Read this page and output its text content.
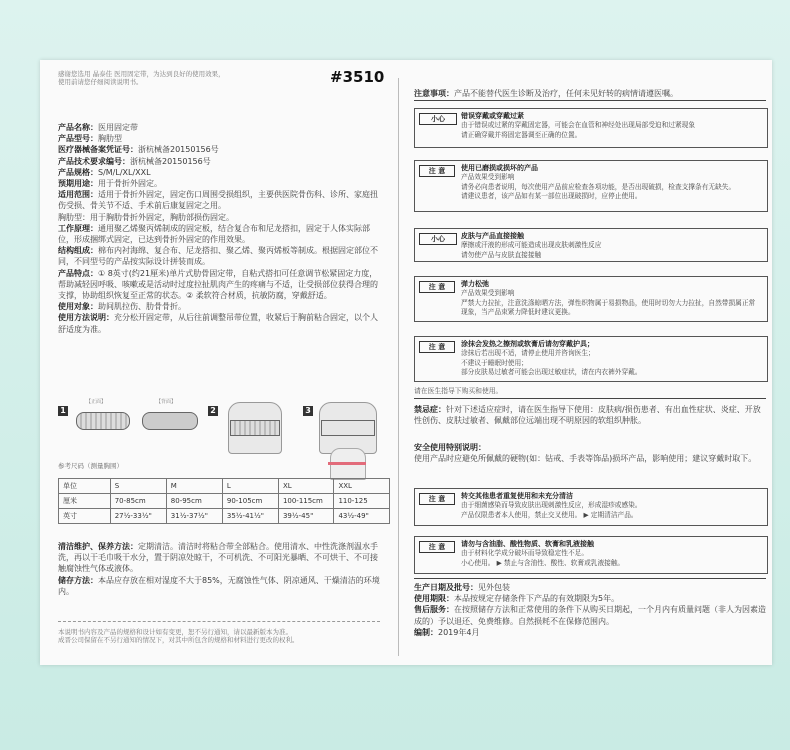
感谢您选用 晶泰佳 医用固定带，为达到良好的使用效果，
使用前请您仔细阅读说明书。	#3510

产品名称：医用固定带

产品型号：胸肋型

医疗器械备案凭证号：浙杭械备20150156号

产品技术要求编号：浙杭械备20150156号

产品规格：S/M/L/XL/XXL

预期用途：用于骨折外固定。

适用范围：适用于骨折外固定，固定伤口周围受损组织，主要供医院骨伤科、诊所、家庭扭伤受损、骨关节不适、手术前后康复固定之用。

胸肋型：用于胸肋骨折外固定，胸肋部损伤固定。

工作原理：通用聚乙烯聚丙烯制成的固定板，结合复合布和尼龙搭扣，固定于人体实际部位，形成捆绑式固定，已达到骨折外固定的作用效果。

结构组成：棉布内衬海绵、复合布、尼龙搭扣、聚乙烯、聚丙烯板等制成。根据固定部位不同，不同型号的产品按实际设计拼装而成。

产品特点：① 8英寸(约21厘米)单片式肋骨固定带，自粘式搭扣可任意调节松紧固定力度，帮助减轻因呼吸、咳嗽或是活动时过度拉扯肌肉产生的疼痛与不适，让受损部位获得合理的支撑，协助组织恢复至正常的状态。② 柔软符合材质，抗敏防腐，穿戴舒适。

使用对象：助间肌拉伤、肋骨骨折。

使用方法说明：充分松开固定带，从后往前调整吊带位置，收紧后于胸前粘合固定，以个人舒适度为准。

1
【正面】	【背面】
2	3
参考尺码（测量胸围）
单位	S	M	L	XL	XXL
厘米	70-85cm	80-95cm	90-105cm	100-115cm	110-125
英寸	27½-33½"	31½-37½"	35½-41½"	39½-45"	43½-49"
清洁维护、保养方法：定期清洁。清洁时将粘合带全部粘合。使用清水、中性洗涤剂温水手洗，再以干毛巾吸干水分，置于阴凉处晾干，不可机洗、不可阳光暴晒、不可烘干、不可接触腐蚀性气体或液体。
储存方法：本品应存放在相对湿度不大于85%，无腐蚀性气体、阴凉通风、干燥清洁的环境内。
本说明书内容及产品的规格和设计如有变更，恕不另行通知，请以最新版本为准。
成晋公司保留在不另行通知的情况下，对其中所包含的规格和材料进行更改的权利。
注意事项：产品不能替代医生诊断及治疗，任何未见好转的病情请遵医嘱。
小心	错误穿戴或穿戴过紧
由于错误或过紧的穿戴固定器，可能会在血管和神经处出现局部受迫和过紧现象
请正确穿戴并将固定器调至正确的位置。
注 意	使用已磨损或损坏的产品
产品效果受到影响
请务必向患者说明，每次使用产品前应检查各项功能，是否出现破损，检查支撑条有无缺失。
请建议患者，该产品如有某一部位出现破损时，应停止使用。
小心	皮肤与产品直接接触
摩擦或汗液的形成可能造成出现皮肤刺激性反应
请勿使产品与皮肤直接接触
注 意	弹力松弛
产品效果受到影响
严禁大力拉扯，注意洗涤晾晒方法，弹性织物属于易损物品，使用时切勿大力拉扯，自然带损属正常现象，当产品束紧力降低时建议更换。
注 意	涂抹会发热之擦剂或软膏后请勿穿戴护具；
涂抹后若出现不适，请停止使用并咨询医生；
不建议于睡眠时使用；
部分皮肤易过敏者可能会出现过敏症状，请在内衣裤外穿戴。
请在医生指导下购买和使用。
禁忌症：针对下述适应症时，请在医生指导下使用：皮肤病/损伤患者、有出血性症状、炎症、开放性创伤、皮肤过敏者、佩戴部位远端出现不明原因的软组织肿胀。
安全使用特别说明：
使用产品时应避免所佩戴的硬物(如：钻戒、手表等饰品)损坏产品，影响使用；建议穿戴时取下。
注 意	转交其他患者重复使用和未充分清洁
由于细菌感染而导致皮肤出现刺激性反应，形成湿疹或感染。
产品仅限患者本人使用，禁止交叉使用。 ▶ 定期清洁产品。
注 意	请勿与含油脂、酸性物质、软膏和乳液接触
由于材料化学成分破坏而导致稳定性不足。
小心使用。 ▶ 禁止与含油性、酸性、软膏或乳液接触。
生产日期及批号：见外包装
使用期限：本品按规定存储条件下产品的有效期限为5年。
售后服务：在按照储存方法和正常使用的条件下从购买日期起，一个月内有质量问题（非人为因素造成的）予以退还、免费维修。自然损耗不在保修范围内。
编制：2019年4月
